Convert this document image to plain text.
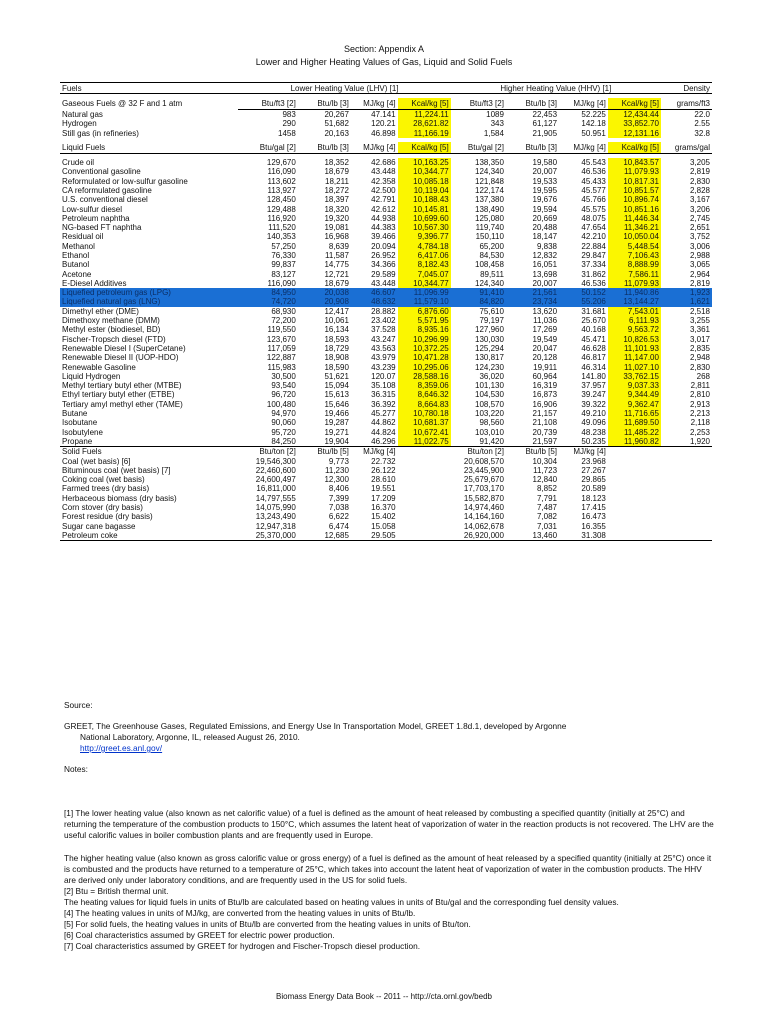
Section: Appendix A
Lower and Higher Heating Values of Gas, Liquid and Solid Fuels
Fuels	Lower Heating Value (LHV) [1]				Higher Heating Value (HHV) [1]				Density

Gaseous Fuels @ 32 F and 1 atm	Btu/ft3 [2]	Btu/lb [3]	MJ/kg [4]	Kcal/kg [5]	Btu/ft3 [2]	Btu/lb [3]	MJ/kg [4]	Kcal/kg [5]	grams/ft3
Natural gas	983	20,267	47.141	11,224.11	1089	22,453	52.225	12,434.44	22.0
Hydrogen	290	51,682	120.21	28,621.82	343	61,127	142.18	33,852.70	2.55
Still gas (in refineries)	1458	20,163	46.898	11,166.19	1,584	21,905	50.951	12,131.16	32.8

Liquid Fuels	Btu/gal [2]	Btu/lb [3]	MJ/kg [4]	Kcal/kg [5]	Btu/gal [2]	Btu/lb [3]	MJ/kg [4]	Kcal/kg [5]	grams/gal

Crude oil	129,670	18,352	42.686	10,163.25	138,350	19,580	45.543	10,843.57	3,205
Conventional gasoline	116,090	18,679	43.448	10,344.77	124,340	20,007	46.536	11,079.93	2,819
Reformulated or low-sulfur gasoline	113,602	18,211	42.358	10,085.18	121,848	19,533	45.433	10,817.31	2,830
CA reformulated gasoline	113,927	18,272	42.500	10,119.04	122,174	19,595	45.577	10,851.57	2,828
U.S. conventional diesel	128,450	18,397	42.791	10,188.43	137,380	19,676	45.766	10,896.74	3,167
Low-sulfur diesel	129,488	18,320	42.612	10,145.81	138,490	19,594	45.575	10,851.16	3,206
Petroleum naphtha	116,920	19,320	44.938	10,699.60	125,080	20,669	48.075	11,446.34	2,745
NG-based FT naphtha	111,520	19,081	44.383	10,567.30	119,740	20,488	47.654	11,346.21	2,651
Residual oil	140,353	16,968	39.466	9,396.77	150,110	18,147	42.210	10,050.04	3,752
Methanol	57,250	8,639	20.094	4,784.18	65,200	9,838	22.884	5,448.54	3,006
Ethanol	76,330	11,587	26.952	6,417.06	84,530	12,832	29.847	7,106.43	2,988
Butanol	99,837	14,775	34.366	8,182.43	108,458	16,051	37.334	8,888.99	3,065
Acetone	83,127	12,721	29.589	7,045.07	89,511	13,698	31.862	7,586.11	2,964
E-Diesel Additives	116,090	18,679	43.448	10,344.77	124,340	20,007	46.536	11,079.93	2,819
Liquefied petroleum gas (LPG)	84,950	20,038	46.607	11,096.99	91,410	21,561	50.152	11,940.86	1,923
Liquefied natural gas (LNG)	74,720	20,908	48.632	11,579.10	84,820	23,734	55.206	13,144.27	1,621
Dimethyl ether (DME)	68,930	12,417	28.882	6,876.60	75,610	13,620	31.681	7,543.01	2,518
Dimethoxy methane (DMM)	72,200	10,061	23.402	5,571.95	79,197	11,036	25.670	6,111.93	3,255
Methyl ester (biodiesel, BD)	119,550	16,134	37.528	8,935.16	127,960	17,269	40.168	9,563.72	3,361
Fischer-Tropsch diesel (FTD)	123,670	18,593	43.247	10,296.99	130,030	19,549	45.471	10,826.53	3,017
Renewable Diesel I (SuperCetane)	117,059	18,729	43.563	10,372.25	125,294	20,047	46.628	11,101.93	2,835
Renewable Diesel II (UOP-HDO)	122,887	18,908	43.979	10,471.28	130,817	20,128	46.817	11,147.00	2,948
Renewable Gasoline	115,983	18,590	43.239	10,295.06	124,230	19,911	46.314	11,027.10	2,830
Liquid Hydrogen	30,500	51,621	120.07	28,588.16	36,020	60,964	141.80	33,762.15	268
Methyl tertiary butyl ether (MTBE)	93,540	15,094	35.108	8,359.06	101,130	16,319	37.957	9,037.33	2,811
Ethyl tertiary butyl ether (ETBE)	96,720	15,613	36.315	8,646.32	104,530	16,873	39.247	9,344.49	2,810
Tertiary amyl methyl ether (TAME)	100,480	15,646	36.392	8,664.83	108,570	16,906	39.322	9,362.47	2,913
Butane	94,970	19,466	45.277	10,780.18	103,220	21,157	49.210	11,716.65	2,213
Isobutane	90,060	19,287	44.862	10,681.37	98,560	21,108	49.096	11,689.50	2,118
Isobutylene	95,720	19,271	44.824	10,672.41	103,010	20,739	48.238	11,485.22	2,253
Propane	84,250	19,904	46.296	11,022.75	91,420	21,597	50.235	11,960.82	1,920
Solid Fuels	Btu/ton [2]	Btu/lb [5]	MJ/kg [4]		Btu/ton [2]	Btu/lb [5]	MJ/kg [4]		
Coal (wet basis) [6]	19,546,300	9,773	22.732		20,608,570	10,304	23.968		
Bituminous coal (wet basis) [7]	22,460,600	11,230	26.122		23,445,900	11,723	27.267		
Coking coal (wet basis)	24,600,497	12,300	28.610		25,679,670	12,840	29.865		
Farmed trees (dry basis)	16,811,000	8,406	19.551		17,703,170	8,852	20.589		
Herbaceous biomass (dry basis)	14,797,555	7,399	17.209		15,582,870	7,791	18.123		
Corn stover (dry basis)	14,075,990	7,038	16.370		14,974,460	7,487	17.415		
Forest residue (dry basis)	13,243,490	6,622	15.402		14,164,160	7,082	16.473		
Sugar cane bagasse	12,947,318	6,474	15.058		14,062,678	7,031	16.355		
Petroleum coke	25,370,000	12,685	29.505		26,920,000	13,460	31.308		
Source:
GREET, The Greenhouse Gases, Regulated Emissions, and Energy Use In Transportation Model, GREET 1.8d.1, developed by Argonne
National Laboratory, Argonne, IL, released August 26, 2010.
http://greet.es.anl.gov/
Notes:
[1] The lower heating value (also known as net calorific value) of a fuel is defined as the amount of heat released by combusting a specified quantity (initially at 25°C) and returning the temperature of the combustion products to 150°C, which assumes the latent heat of vaporization of water in the reaction products is not recovered. The LHV are the useful calorific values in boiler combustion plants and are frequently used in Europe.
The higher heating value (also known as gross calorific value or gross energy) of a fuel is defined as the amount of heat released by a specified quantity (initially at 25°C) once it is combusted and the products have returned to a temperature of 25°C, which takes into account the latent heat of vaporization of water in the combustion products. The HHV are derived only under laboratory conditions, and are frequently used in the US for solid fuels.
[2] Btu = British thermal unit.
The heating values for liquid fuels in units of Btu/lb are calculated based on heating values in units of Btu/gal and the corresponding fuel density values.
[4] The heating values in units of MJ/kg, are converted from the heating values in units of Btu/lb.
[5] For solid fuels, the heating values in units of Btu/lb are converted from the heating values in units of Btu/ton.
[6] Coal characteristics assumed by GREET for electric power production.
[7] Coal characteristics assumed by GREET for hydrogen and Fischer-Tropsch diesel production.
Biomass Energy Data Book -- 2011 -- http://cta.ornl.gov/bedb
